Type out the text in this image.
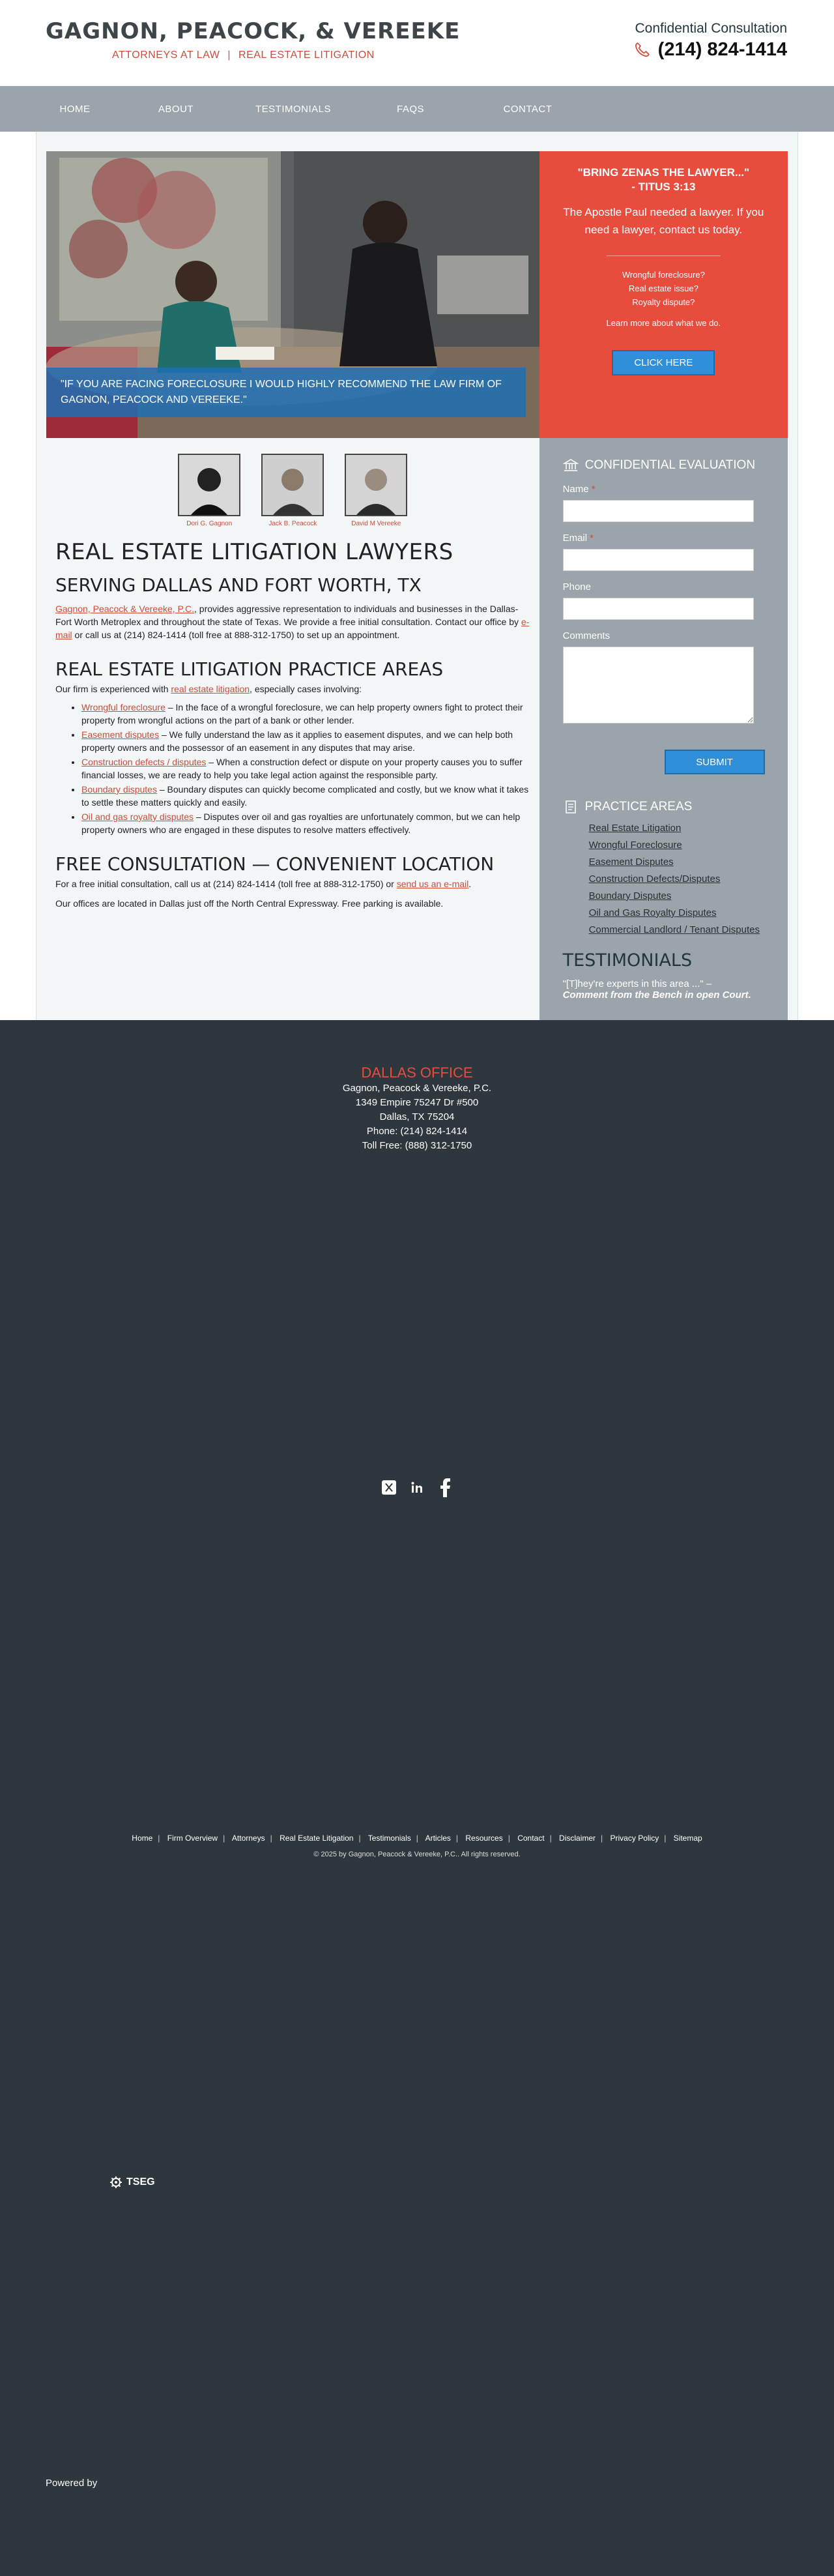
GAGNON, PEACOCK, & VEREEKE
ATTORNEYS AT LAW | REAL ESTATE LITIGATION
Confidential Consultation
(214) 824-1414
HOME	ABOUT	TESTIMONIALS	FAQS	CONTACT
"IF YOU ARE FACING FORECLOSURE I WOULD HIGHLY RECOMMEND THE LAW FIRM OF GAGNON, PEACOCK AND VEREEKE."
"BRING ZENAS THE LAWYER..."
- TITUS 3:13
The Apostle Paul needed a lawyer. If you need a lawyer, contact us today.
Wrongful foreclosure?
Real estate issue?
Royalty dispute?
Learn more about what we do.
CLICK HERE
Dori G. Gagnon	Jack B. Peacock	David M Vereeke
REAL ESTATE LITIGATION LAWYERS
SERVING DALLAS AND FORT WORTH, TX

Gagnon, Peacock & Vereeke, P.C., provides aggressive representation to individuals and businesses in the Dallas-Fort Worth Metroplex and throughout the state of Texas. We provide a free initial consultation. Contact our office by e-mail or call us at (214) 824-1414 (toll free at 888-312-1750) to set up an appointment.

REAL ESTATE LITIGATION PRACTICE AREAS

Our firm is experienced with real estate litigation, especially cases involving:

• Wrongful foreclosure – In the face of a wrongful foreclosure, we can help property owners fight to protect their property from wrongful actions on the part of a bank or other lender.
• Easement disputes – We fully understand the law as it applies to easement disputes, and we can help both property owners and the possessor of an easement in any disputes that may arise.
• Construction defects / disputes – When a construction defect or dispute on your property causes you to suffer financial losses, we are ready to help you take legal action against the responsible party.
• Boundary disputes – Boundary disputes can quickly become complicated and costly, but we know what it takes to settle these matters quickly and easily.
• Oil and gas royalty disputes – Disputes over oil and gas royalties are unfortunately common, but we can help property owners who are engaged in these disputes to resolve matters effectively.
FREE CONSULTATION — CONVENIENT LOCATION

For a free initial consultation, call us at (214) 824-1414 (toll free at 888-312-1750) or send us an e-mail.

Our offices are located in Dallas just off the North Central Expressway. Free parking is available.

CONFIDENTIAL EVALUATION
Name *
Email *
Phone
Comments
SUBMIT
PRACTICE AREAS
Real Estate Litigation
Wrongful Foreclosure
Easement Disputes
Construction Defects/Disputes
Boundary Disputes
Oil and Gas Royalty Disputes
Commercial Landlord / Tenant Disputes
TESTIMONIALS
"[T]hey're experts in this area ..." –
Comment from the Bench in open Court.
DALLAS OFFICE
Gagnon, Peacock & Vereeke, P.C.
1349 Empire 75247 Dr #500
Dallas, TX 75204
Phone: (214) 824-1414
Toll Free: (888) 312-1750
Home | Firm Overview | Attorneys | Real Estate Litigation | Testimonials | Articles | Resources | Contact | Disclaimer | Privacy Policy | Sitemap
© 2025 by Gagnon, Peacock & Vereeke, P.C.. All rights reserved.
TSEG
Powered by
